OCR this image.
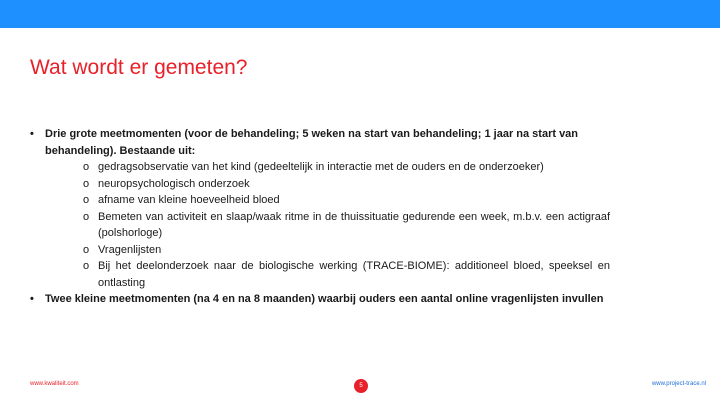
Wat wordt er gemeten?
• Drie grote meetmomenten (voor de behandeling; 5 weken na start van behandeling; 1 jaar na start van behandeling). Bestaande uit:
o gedragsobservatie van het kind (gedeeltelijk in interactie met de ouders en de onderzoeker)
o neuropsychologisch onderzoek
o afname van kleine hoeveelheid bloed
o Bemeten van activiteit en slaap/waak ritme in de thuissituatie gedurende een week, m.b.v. een actigraaf (polshorloge)
o Vragenlijsten
o Bij het deelonderzoek naar de biologische werking (TRACE-BIOME): additioneel bloed, speeksel en ontlasting
• Twee kleine meetmomenten (na 4 en na 8 maanden) waarbij ouders een aantal online vragenlijsten invullen
www.kwaliteit.com	5	www.project-trace.nl
